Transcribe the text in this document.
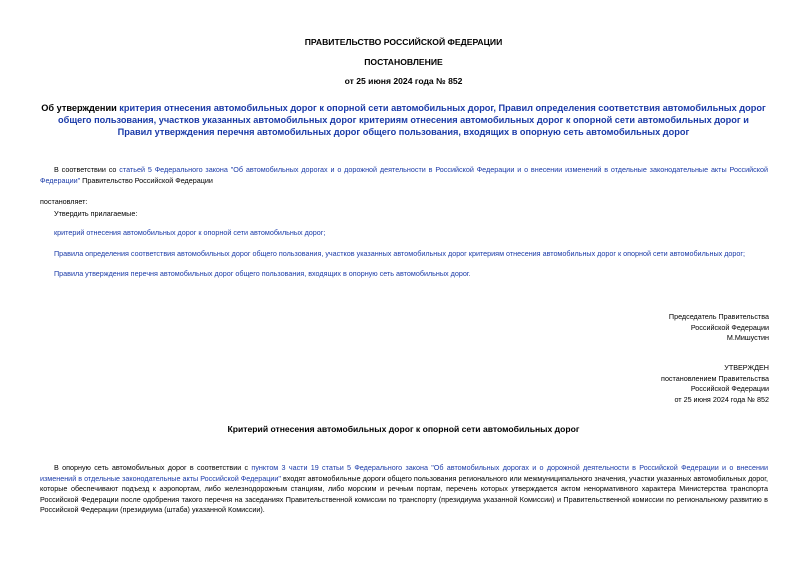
ПРАВИТЕЛЬСТВО РОССИЙСКОЙ ФЕДЕРАЦИИ
ПОСТАНОВЛЕНИЕ
от 25 июня 2024 года № 852
Об утверждении критерия отнесения автомобильных дорог к опорной сети автомобильных дорог, Правил определения соответствия автомобильных дорог общего пользования, участков указанных автомобильных дорог критериям отнесения автомобильных дорог к опорной сети автомобильных дорог и Правил утверждения перечня автомобильных дорог общего пользования, входящих в опорную сеть автомобильных дорог
В соответствии со статьей 5 Федерального закона "Об автомобильных дорогах и о дорожной деятельности в Российской Федерации и о внесении изменений в отдельные законодательные акты Российской Федерации" Правительство Российской Федерации
постановляет:
Утвердить прилагаемые:
критерий отнесения автомобильных дорог к опорной сети автомобильных дорог;
Правила определения соответствия автомобильных дорог общего пользования, участков указанных автомобильных дорог критериям отнесения автомобильных дорог к опорной сети автомобильных дорог;
Правила утверждения перечня автомобильных дорог общего пользования, входящих в опорную сеть автомобильных дорог.
Председатель Правительства
Российской Федерации
М.Мишустин
УТВЕРЖДЕН
постановлением Правительства
Российской Федерации
от 25 июня 2024 года № 852
Критерий отнесения автомобильных дорог к опорной сети автомобильных дорог
В опорную сеть автомобильных дорог в соответствии с пунктом 3 части 19 статьи 5 Федерального закона "Об автомобильных дорогах и о дорожной деятельности в Российской Федерации и о внесении изменений в отдельные законодательные акты Российской Федерации" входят автомобильные дороги общего пользования регионального или межмуниципального значения, участки указанных автомобильных дорог, которые обеспечивают подъезд к аэропортам, либо железнодорожным станциям, либо морским и речным портам, перечень которых утверждается актом ненормативного характера Министерства транспорта Российской Федерации после одобрения такого перечня на заседаниях Правительственной комиссии по транспорту (президиума указанной Комиссии) и Правительственной комиссии по региональному развитию в Российской Федерации (президиума (штаба) указанной Комиссии).
